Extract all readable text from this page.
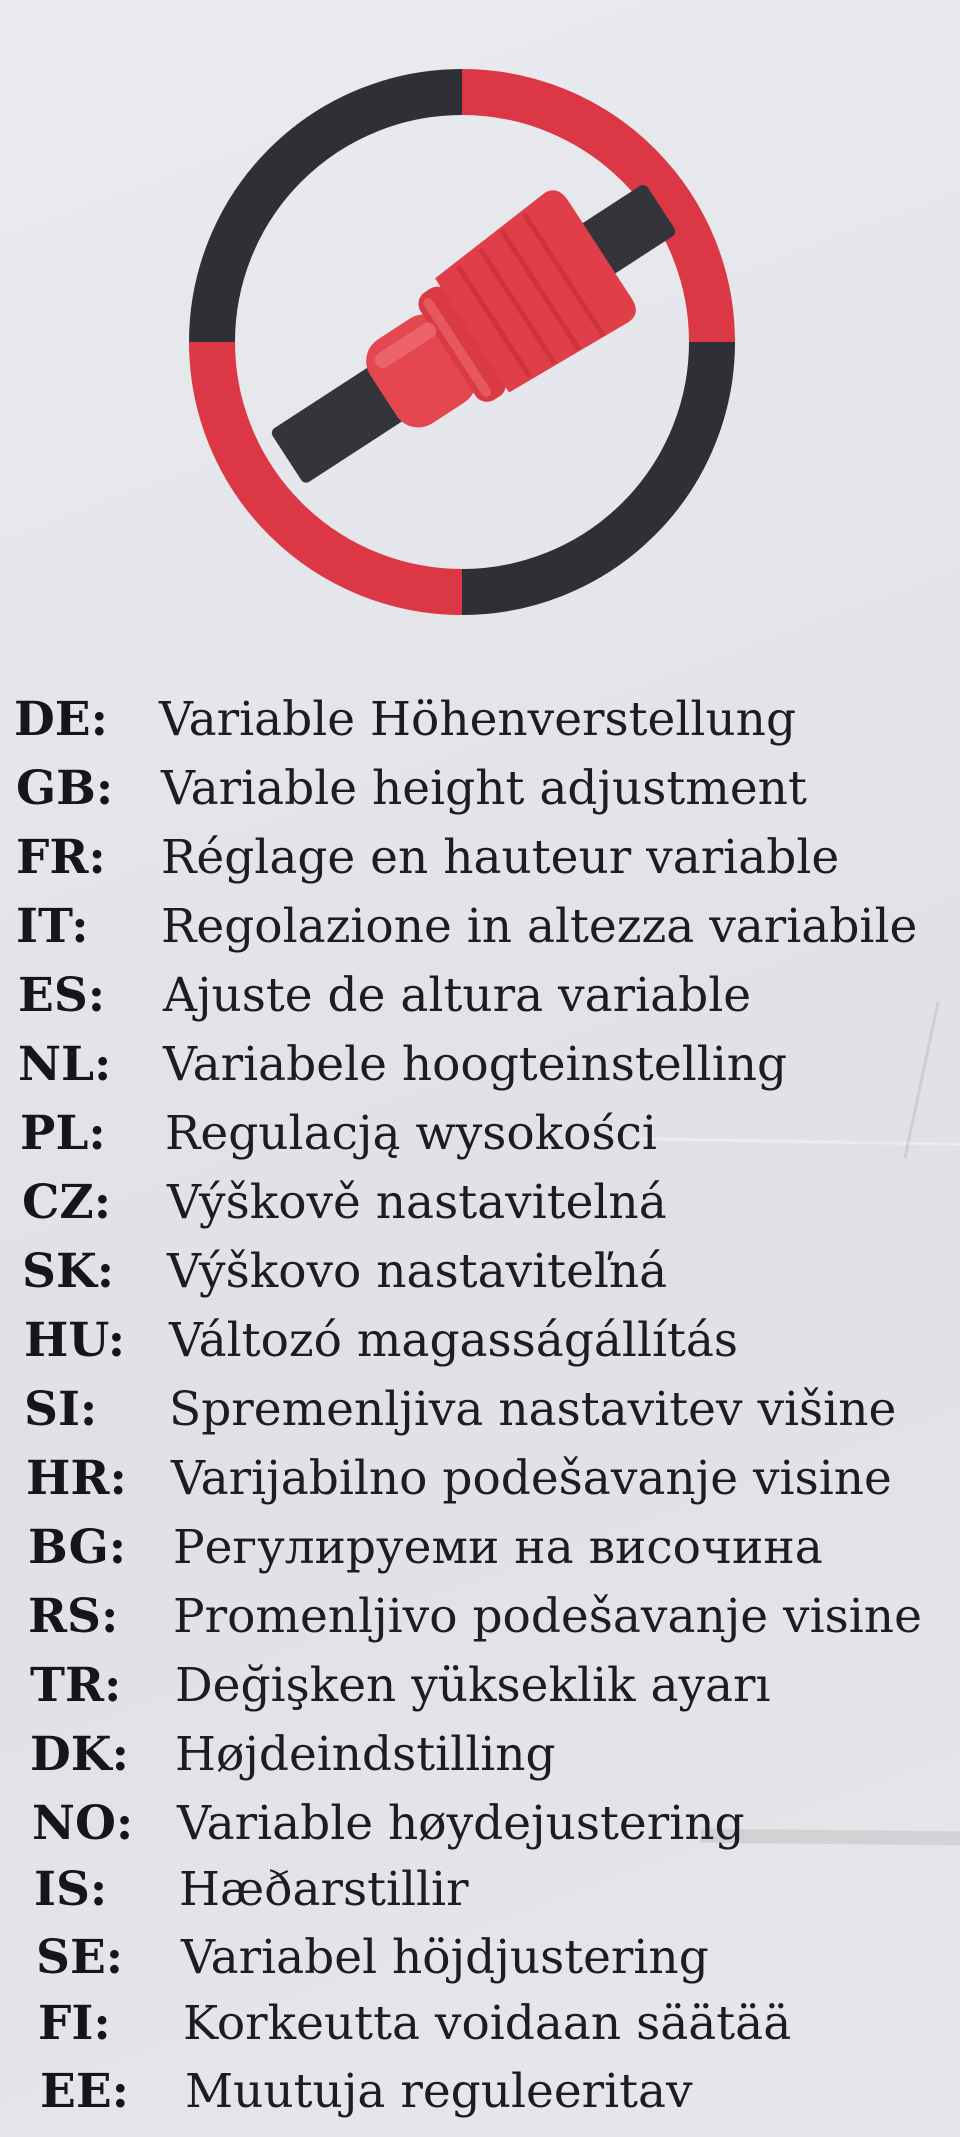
DE:	Variable Höhenverstellung
GB:	Variable height adjustment
FR:	Réglage en hauteur variable
IT:	Regolazione in altezza variabile
ES:	Ajuste de altura variable
NL:	Variabele hoogteinstelling
PL:	Regulacją wysokości
CZ:	Výškově nastavitelná
SK:	Výškovo nastaviteľná
HU: Változó magasságállítás
SI:	Spremenljiva nastavitev višine
HR: Varijabilno podešavanje visine
BG: Регулируеми на височина
RS:	Promenljivo podešavanje visine
TR:	Değişken yükseklik ayarı
DK: Højdeindstilling
NO: Variable høydejustering
IS:	Hæðarstillir
SE:	Variabel höjdjustering
FI:	Korkeutta voidaan säätää
EE:	Muutuja reguleeritav
